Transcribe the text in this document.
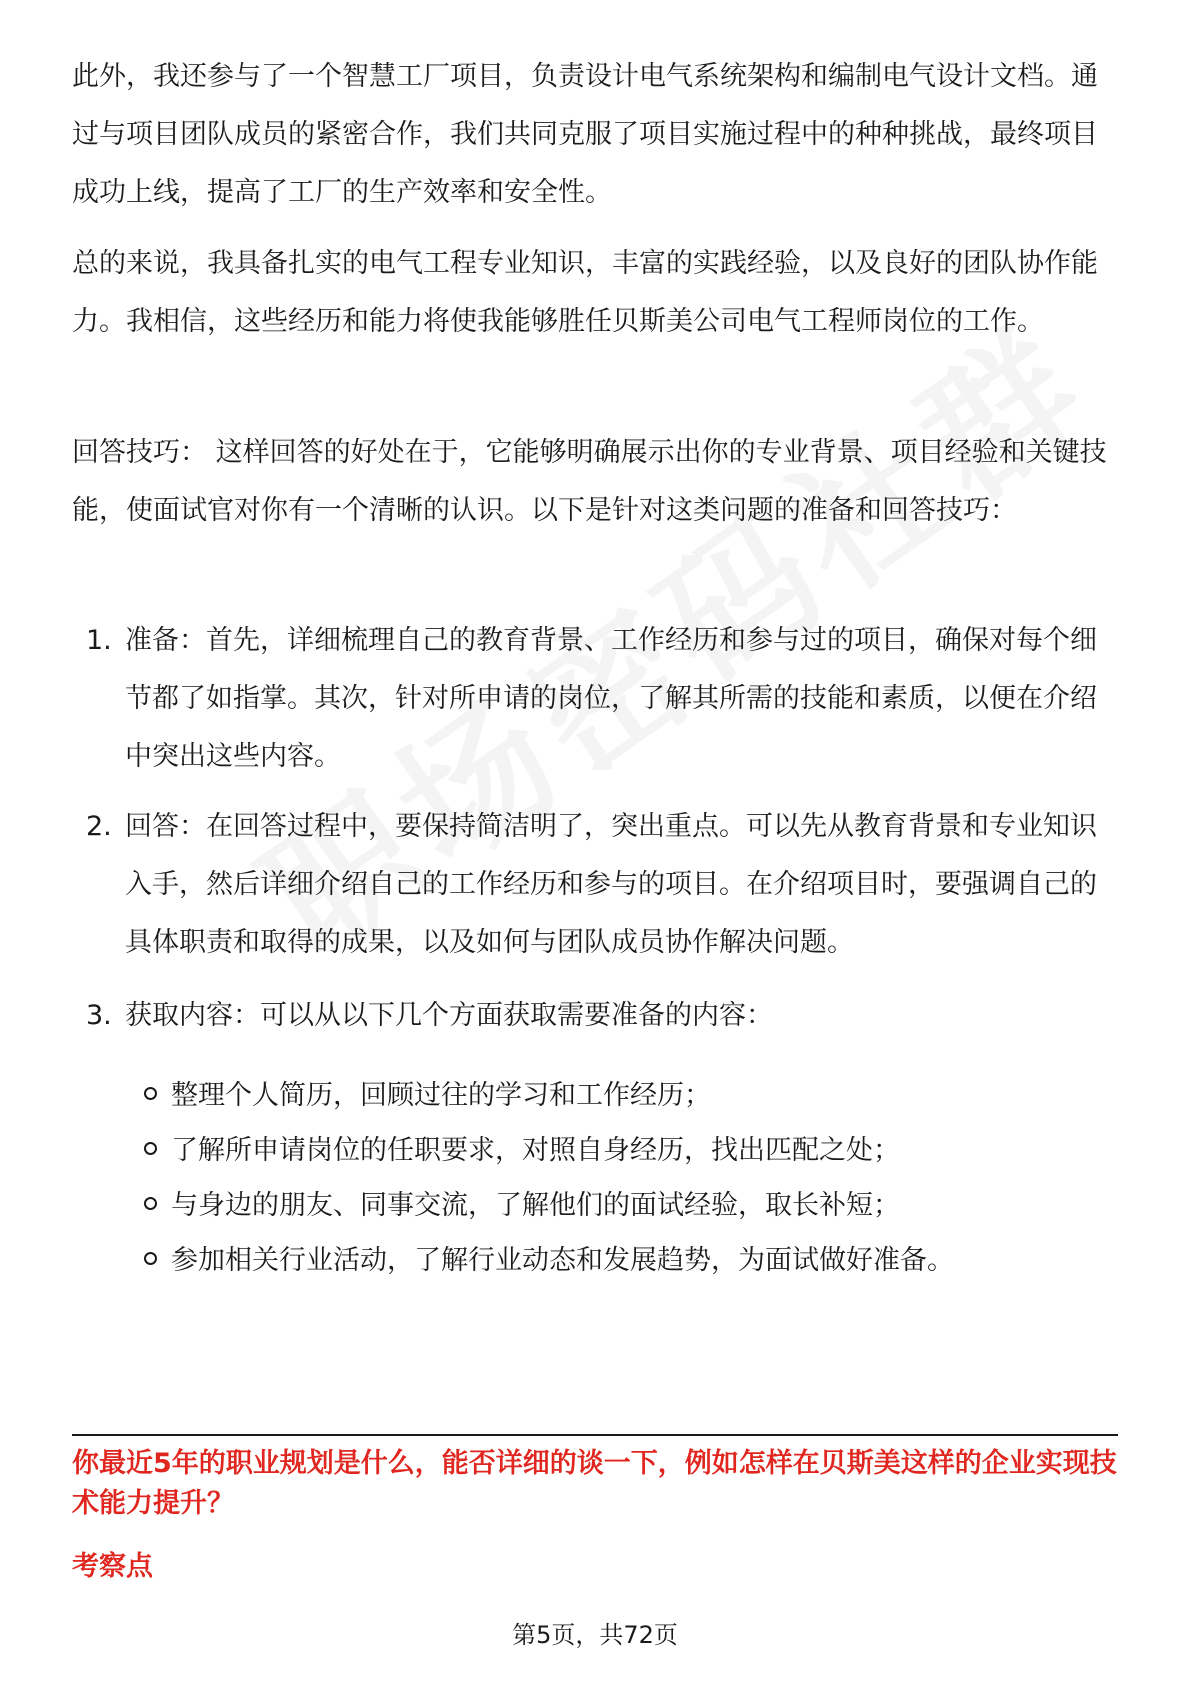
此外，我还参与了一个智慧工厂项目，负责设计电气系统架构和编制电气设计文档。通过与项目团队成员的紧密合作，我们共同克服了项目实施过程中的种种挑战，最终项目成功上线，提高了工厂的生产效率和安全性。

总的来说，我具备扎实的电气工程专业知识，丰富的实践经验，以及良好的团队协作能力。我相信，这些经历和能力将使我能够胜任贝斯美公司电气工程师岗位的工作。

回答技巧： 这样回答的好处在于，它能够明确展示出你的专业背景、项目经验和关键技能，使面试官对你有一个清晰的认识。以下是针对这类问题的准备和回答技巧：

1. 准备：首先，详细梳理自己的教育背景、工作经历和参与过的项目，确保对每个细节都了如指掌。其次，针对所申请的岗位，了解其所需的技能和素质，以便在介绍中突出这些内容。
2. 回答：在回答过程中，要保持简洁明了，突出重点。可以先从教育背景和专业知识入手，然后详细介绍自己的工作经历和参与的项目。在介绍项目时，要强调自己的具体职责和取得的成果，以及如何与团队成员协作解决问题。
3. 获取内容：可以从以下几个方面获取需要准备的内容：
整理个人简历，回顾过往的学习和工作经历；
了解所申请岗位的任职要求，对照自身经历，找出匹配之处；
与身边的朋友、同事交流，了解他们的面试经验，取长补短；
参加相关行业活动，了解行业动态和发展趋势，为面试做好准备。
你最近5年的职业规划是什么，能否详细的谈一下，例如怎样在贝斯美这样的企业实现技术能力提升？
考察点
第5页，共72页
